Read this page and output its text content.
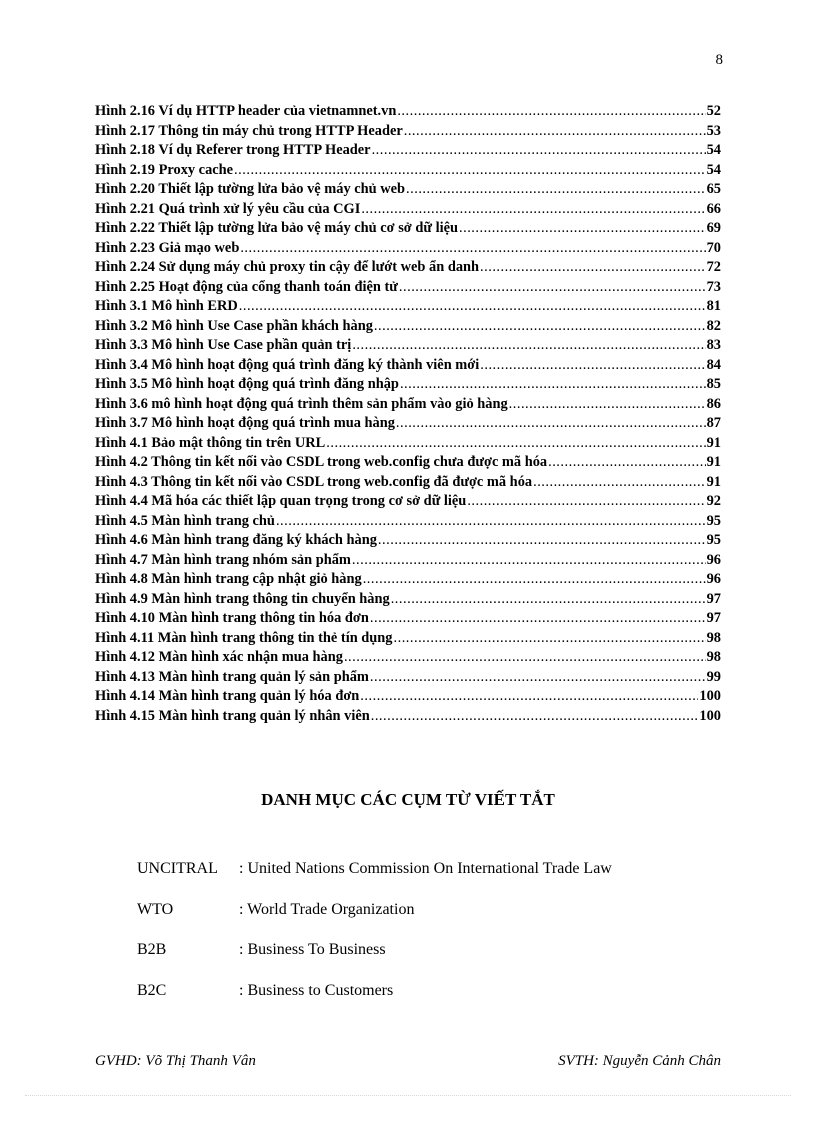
8
Hình 2.16 Ví dụ HTTP header của vietnamnet.vn .....	52
Hình 2.17 Thông tin máy chủ trong HTTP Header .....	53
Hình 2.18 Ví dụ Referer trong HTTP Header .....	54
Hình 2.19 Proxy cache .....	54
Hình 2.20 Thiết lập tường lửa bảo vệ máy chủ web .....	65
Hình 2.21 Quá trình xử lý yêu cầu của CGI .....	66
Hình 2.22 Thiết lập tường lửa bảo vệ máy chủ cơ sở dữ liệu .....	69
Hình 2.23 Giả mạo web .....	70
Hình 2.24 Sử dụng máy chủ proxy tin cậy để lướt web ẩn danh .....	72
Hình 2.25 Hoạt động của cổng thanh toán điện tử .....	73
Hình 3.1 Mô hình ERD .....	81
Hình 3.2 Mô hình Use Case phần khách hàng .....	82
Hình 3.3 Mô hình Use Case phần quản trị .....	83
Hình 3.4 Mô hình hoạt động quá trình đăng ký thành viên mới .....	84
Hình 3.5 Mô hình hoạt động quá trình đăng nhập .....	85
Hình 3.6 mô hình hoạt động quá trình thêm sản phẩm vào giỏ hàng .....	86
Hình 3.7 Mô hình hoạt động quá trình mua hàng .....	87
Hình 4.1 Bảo mật thông tin trên URL .....	91
Hình 4.2 Thông tin kết nối vào CSDL trong web.config chưa được mã hóa .....	91
Hình 4.3 Thông tin kết nối vào CSDL trong web.config đã được mã hóa .....	91
Hình 4.4 Mã hóa các thiết lập quan trọng trong cơ sở dữ liệu .....	92
Hình 4.5 Màn hình trang chủ .....	95
Hình 4.6 Màn hình trang đăng ký khách hàng .....	95
Hình 4.7 Màn hình trang nhóm sản phẩm .....	96
Hình 4.8 Màn hình trang cập nhật giỏ hàng .....	96
Hình 4.9 Màn hình trang thông tin chuyển hàng .....	97
Hình 4.10 Màn hình trang thông tin hóa đơn .....	97
Hình 4.11 Màn hình trang thông tin thẻ tín dụng .....	98
Hình 4.12 Màn hình xác nhận mua hàng .....	98
Hình 4.13 Màn hình trang quản lý sản phẩm .....	99
Hình 4.14 Màn hình trang quản lý hóa đơn .....	100
Hình 4.15 Màn hình trang quản lý nhân viên .....	100
DANH MỤC CÁC CỤM TỪ VIẾT TẮT
UNCITRAL	: United Nations Commission On International Trade Law
WTO	: World Trade Organization
B2B	: Business To Business
B2C	: Business to Customers
GVHD: Võ Thị Thanh Vân	SVTH: Nguyễn Cảnh Chân
